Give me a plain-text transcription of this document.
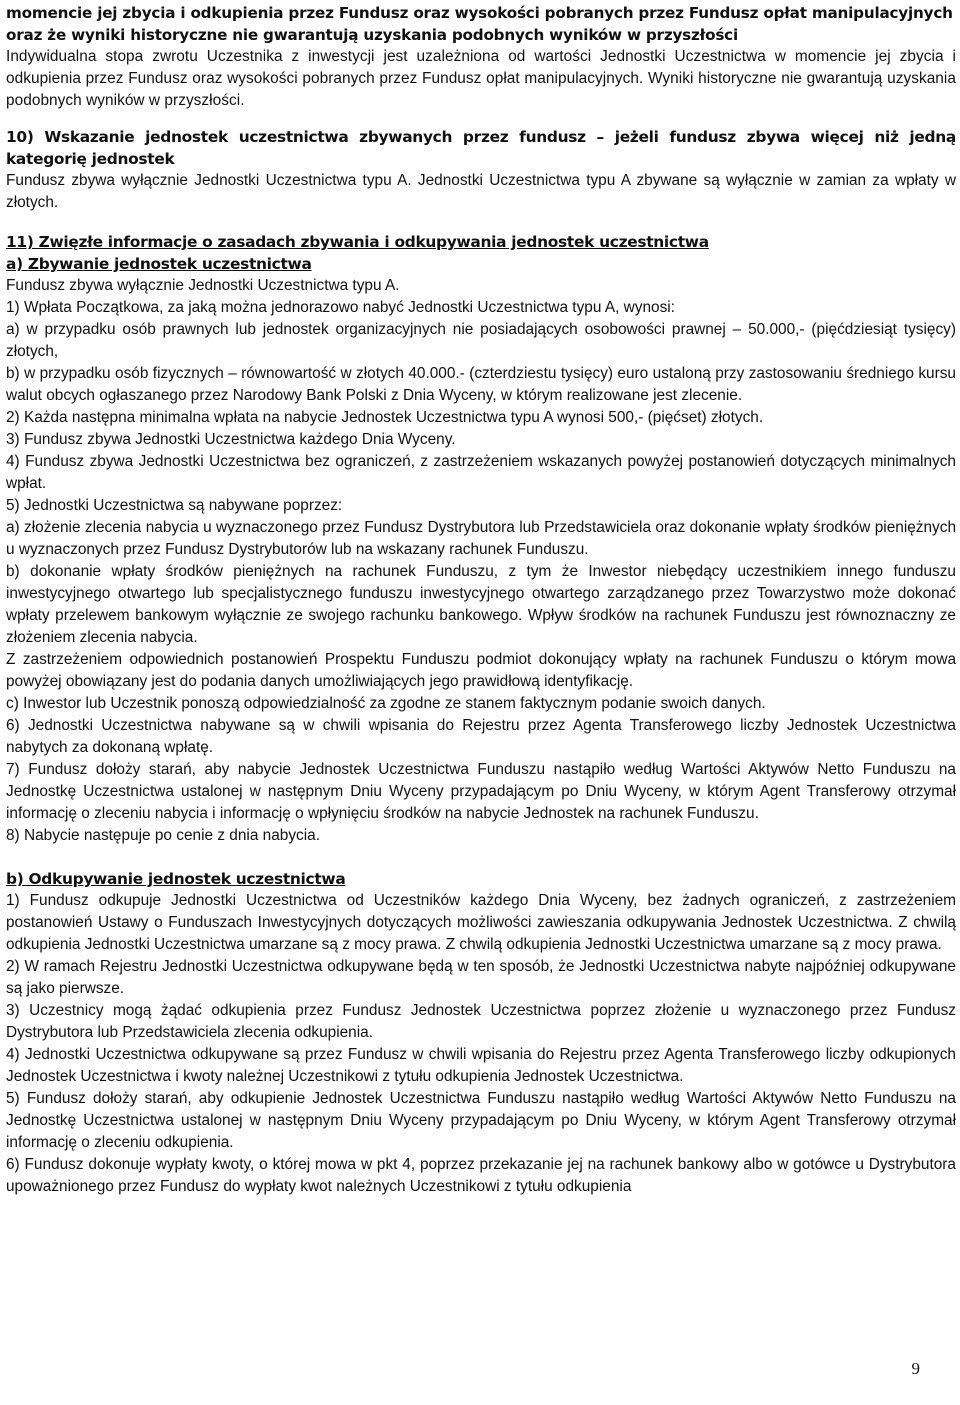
momencie jej zbycia i odkupienia przez Fundusz oraz wysokości pobranych przez Fundusz opłat manipulacyjnych oraz że wyniki historyczne nie gwarantują uzyskania podobnych wyników w przyszłości

Indywidualna stopa zwrotu Uczestnika z inwestycji jest uzależniona od wartości Jednostki Uczestnictwa w momencie jej zbycia i odkupienia przez Fundusz oraz wysokości pobranych przez Fundusz opłat manipulacyjnych. Wyniki historyczne nie gwarantują uzyskania podobnych wyników w przyszłości.

10) Wskazanie jednostek uczestnictwa zbywanych przez fundusz – jeżeli fundusz zbywa więcej niż jedną kategorię jednostek

Fundusz zbywa wyłącznie Jednostki Uczestnictwa typu A. Jednostki Uczestnictwa typu A zbywane są wyłącznie w zamian za wpłaty w złotych.

11) Zwięzłe informacje o zasadach zbywania i odkupywania jednostek uczestnictwa

a) Zbywanie jednostek uczestnictwa

Fundusz zbywa wyłącznie Jednostki Uczestnictwa typu A.

1) Wpłata Początkowa, za jaką można jednorazowo nabyć Jednostki Uczestnictwa typu A, wynosi:

a) w przypadku osób prawnych lub jednostek organizacyjnych nie posiadających osobowości prawnej – 50.000,- (pięćdziesiąt tysięcy) złotych,

b) w przypadku osób fizycznych – równowartość w złotych 40.000.- (czterdziestu tysięcy) euro ustaloną przy zastosowaniu średniego kursu walut obcych ogłaszanego przez Narodowy Bank Polski z Dnia Wyceny, w którym realizowane jest zlecenie.

2) Każda następna minimalna wpłata na nabycie Jednostek Uczestnictwa typu A wynosi 500,- (pięćset) złotych.

3) Fundusz zbywa Jednostki Uczestnictwa każdego Dnia Wyceny.

4) Fundusz zbywa Jednostki Uczestnictwa bez ograniczeń, z zastrzeżeniem wskazanych powyżej postanowień dotyczących minimalnych wpłat.

5) Jednostki Uczestnictwa są nabywane poprzez:

a) złożenie zlecenia nabycia u wyznaczonego przez Fundusz Dystrybutora lub Przedstawiciela oraz dokonanie wpłaty środków pieniężnych u wyznaczonych przez Fundusz Dystrybutorów lub na wskazany rachunek Funduszu.

b) dokonanie wpłaty środków pieniężnych na rachunek Funduszu, z tym że Inwestor niebędący uczestnikiem innego funduszu inwestycyjnego otwartego lub specjalistycznego funduszu inwestycyjnego otwartego zarządzanego przez Towarzystwo może dokonać wpłaty przelewem bankowym wyłącznie ze swojego rachunku bankowego. Wpływ środków na rachunek Funduszu jest równoznaczny ze złożeniem zlecenia nabycia.

Z zastrzeżeniem odpowiednich postanowień Prospektu Funduszu podmiot dokonujący wpłaty na rachunek Funduszu o którym mowa powyżej obowiązany jest do podania danych umożliwiających jego prawidłową identyfikację.

c) Inwestor lub Uczestnik ponoszą odpowiedzialność za zgodne ze stanem faktycznym podanie swoich danych.

6) Jednostki Uczestnictwa nabywane są w chwili wpisania do Rejestru przez Agenta Transferowego liczby Jednostek Uczestnictwa nabytych za dokonaną wpłatę.

7) Fundusz dołoży starań, aby nabycie Jednostek Uczestnictwa Funduszu nastąpiło według Wartości Aktywów Netto Funduszu na Jednostkę Uczestnictwa ustalonej w następnym Dniu Wyceny przypadającym po Dniu Wyceny, w którym Agent Transferowy otrzymał informację o zleceniu nabycia i informację o wpłynięciu środków na nabycie Jednostek na rachunek Funduszu.

8) Nabycie następuje po cenie z dnia nabycia.

b) Odkupywanie jednostek uczestnictwa

1) Fundusz odkupuje Jednostki Uczestnictwa od Uczestników każdego Dnia Wyceny, bez żadnych ograniczeń, z zastrzeżeniem postanowień Ustawy o Funduszach Inwestycyjnych dotyczących możliwości zawieszania odkupywania Jednostek Uczestnictwa. Z chwilą odkupienia Jednostki Uczestnictwa umarzane są z mocy prawa. Z chwilą odkupienia Jednostki Uczestnictwa umarzane są z mocy prawa.

2) W ramach Rejestru Jednostki Uczestnictwa odkupywane będą w ten sposób, że Jednostki Uczestnictwa nabyte najpóźniej odkupywane są jako pierwsze.

3) Uczestnicy mogą żądać odkupienia przez Fundusz Jednostek Uczestnictwa poprzez złożenie u wyznaczonego przez Fundusz Dystrybutora lub Przedstawiciela zlecenia odkupienia.

4) Jednostki Uczestnictwa odkupywane są przez Fundusz w chwili wpisania do Rejestru przez Agenta Transferowego liczby odkupionych Jednostek Uczestnictwa i kwoty należnej Uczestnikowi z tytułu odkupienia Jednostek Uczestnictwa.

5) Fundusz dołoży starań, aby odkupienie Jednostek Uczestnictwa Funduszu nastąpiło według Wartości Aktywów Netto Funduszu na Jednostkę Uczestnictwa ustalonej w następnym Dniu Wyceny przypadającym po Dniu Wyceny, w którym Agent Transferowy otrzymał informację o zleceniu odkupienia.

6) Fundusz dokonuje wypłaty kwoty, o której mowa w pkt 4, poprzez przekazanie jej na rachunek bankowy albo w gotówce u Dystrybutora upoważnionego przez Fundusz do wypłaty kwot należnych Uczestnikowi z tytułu odkupienia

9
